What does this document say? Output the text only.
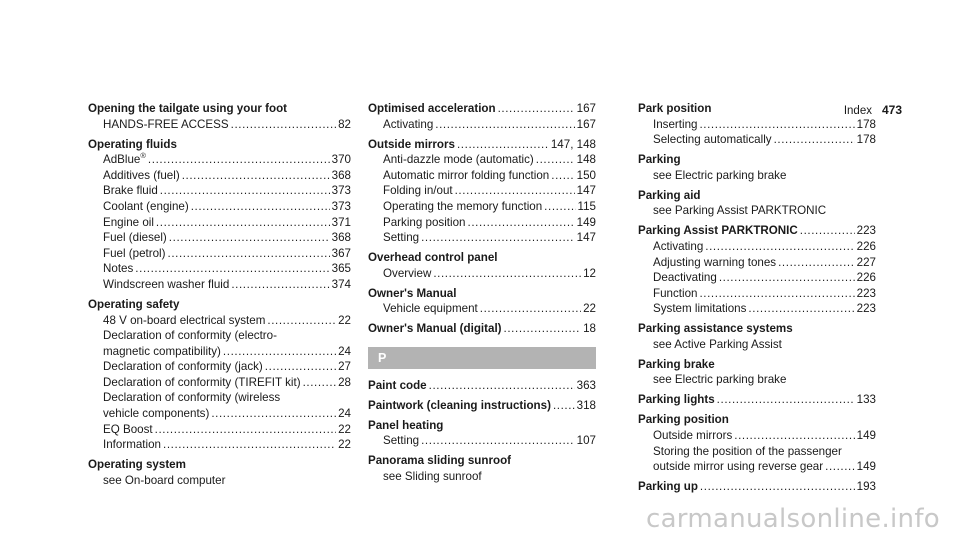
Index 473
Opening the tailgate using your foot
HANDS-FREE ACCESS .....	82
Operating fluids
AdBlue® .....	370
Additives (fuel) .....	368
Brake fluid .....	373
Coolant (engine) .....	373
Engine oil .....	371
Fuel (diesel) .....	368
Fuel (petrol) .....	367
Notes .....	365
Windscreen washer fluid .....	374
Operating safety
48 V on-board electrical system .....	22
Declaration of conformity (electro-
magnetic compatibility) .....	24
Declaration of conformity (jack) .....	27
Declaration of conformity (TIREFIT kit) .....	28
Declaration of conformity (wireless
vehicle components) .....	24
EQ Boost .....	22
Information .....	22
Operating system
see On-board computer
Optimised acceleration .....	167
Activating .....	167
Outside mirrors .....	147, 148
Anti-dazzle mode (automatic) .....	148
Automatic mirror folding function ..... 150
Folding in/out .....	147
Operating the memory function .....	115
Parking position .....	149
Setting .....	147
Overhead control panel
Overview .....	12
Owner's Manual
Vehicle equipment .....	22
Owner's Manual (digital) .....	18
P
Paint code .....	363
Paintwork (cleaning instructions) ..... 318
Panel heating
Setting .....	107
Panorama sliding sunroof
see Sliding sunroof
Park position
Inserting .....	178
Selecting automatically .....	178
Parking
see Electric parking brake
Parking aid
see Parking Assist PARKTRONIC
Parking Assist PARKTRONIC .....	223
Activating .....	226
Adjusting warning tones .....	227
Deactivating .....	226
Function .....	223
System limitations .....	223
Parking assistance systems
see Active Parking Assist
Parking brake
see Electric parking brake
Parking lights .....	133
Parking position
Outside mirrors .....	149
Storing the position of the passenger
outside mirror using reverse gear .....	149
Parking up .....	193
carmanualsonline.info
